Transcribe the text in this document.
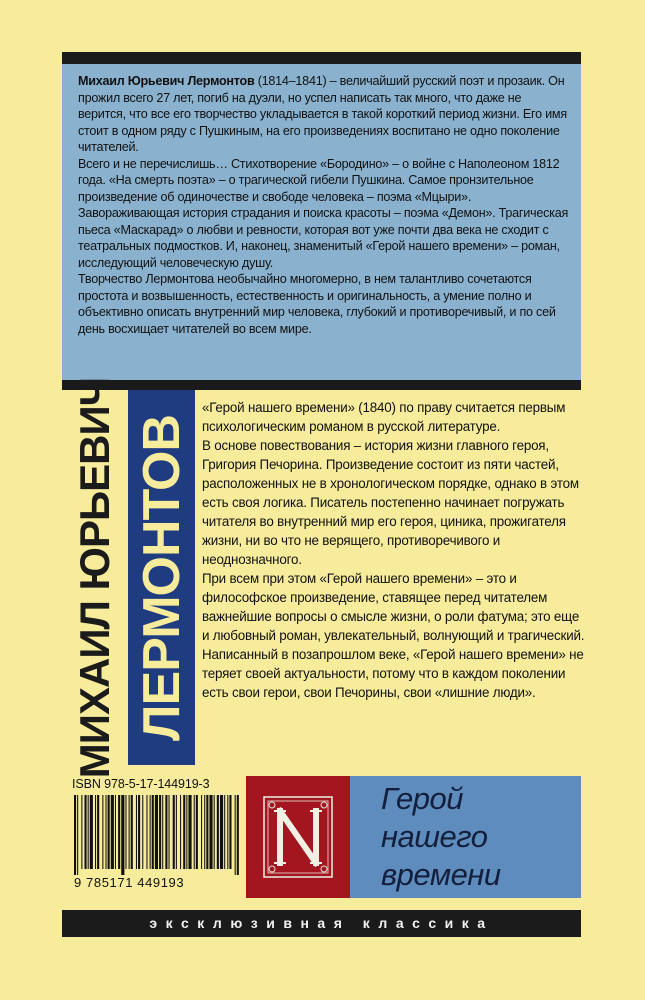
Михаил Юрьевич Лермонтов (1814–1841) – величайший русский поэт и прозаик. Он прожил всего 27 лет, погиб на дуэли, но успел написать так много, что даже не верится, что все его творчество укладывается в такой короткий период жизни. Его имя стоит в одном ряду с Пушкиным, на его произведениях воспитано не одно поколение читателей.

Всего и не перечислишь… Стихотворение «Бородино» – о войне с Наполеоном 1812 года. «На смерть поэта» – о трагической гибели Пушкина. Самое пронзительное произведение об одиночестве и свободе человека – поэма «Мцыри». Завораживающая история страдания и поиска красоты – поэма «Демон». Трагическая пьеса «Маскарад» о любви и ревности, которая вот уже почти два века не сходит с театральных подмостков. И, наконец, знаменитый «Герой нашего времени» – роман, исследующий человеческую душу.

Творчество Лермонтова необычайно многомерно, в нем талантливо сочетаются простота и возвышенность, естественность и оригинальность, а умение полно и объективно описать внутренний мир человека, глубокий и противоречивый, и по сей день восхищает читателей во всем мире.

МИХАИЛ ЮРЬЕВИЧ ЛЕРМОНТОВ

«Герой нашего времени» (1840) по праву считается первым психологическим романом в русской литературе.

В основе повествования – история жизни главного героя, Григория Печорина. Произведение состоит из пяти частей, расположенных не в хронологическом порядке, однако в этом есть своя логика. Писатель постепенно начинает погружать читателя во внутренний мир его героя, циника, прожигателя жизни, ни во что не верящего, противоречивого и неоднозначного.

При всем при этом «Герой нашего времени» – это и философское произведение, ставящее перед читателем важнейшие вопросы о смысле жизни, о роли фатума; это еще и любовный роман, увлекательный, волнующий и трагический.

Написанный в позапрошлом веке, «Герой нашего времени» не теряет своей актуальности, потому что в каждом поколении есть свои герои, свои Печорины, свои «лишние люди».

ISBN 978-5-17-144919-3
9 785171 449193
Герой
нашего
времени
эксклюзивная классика
